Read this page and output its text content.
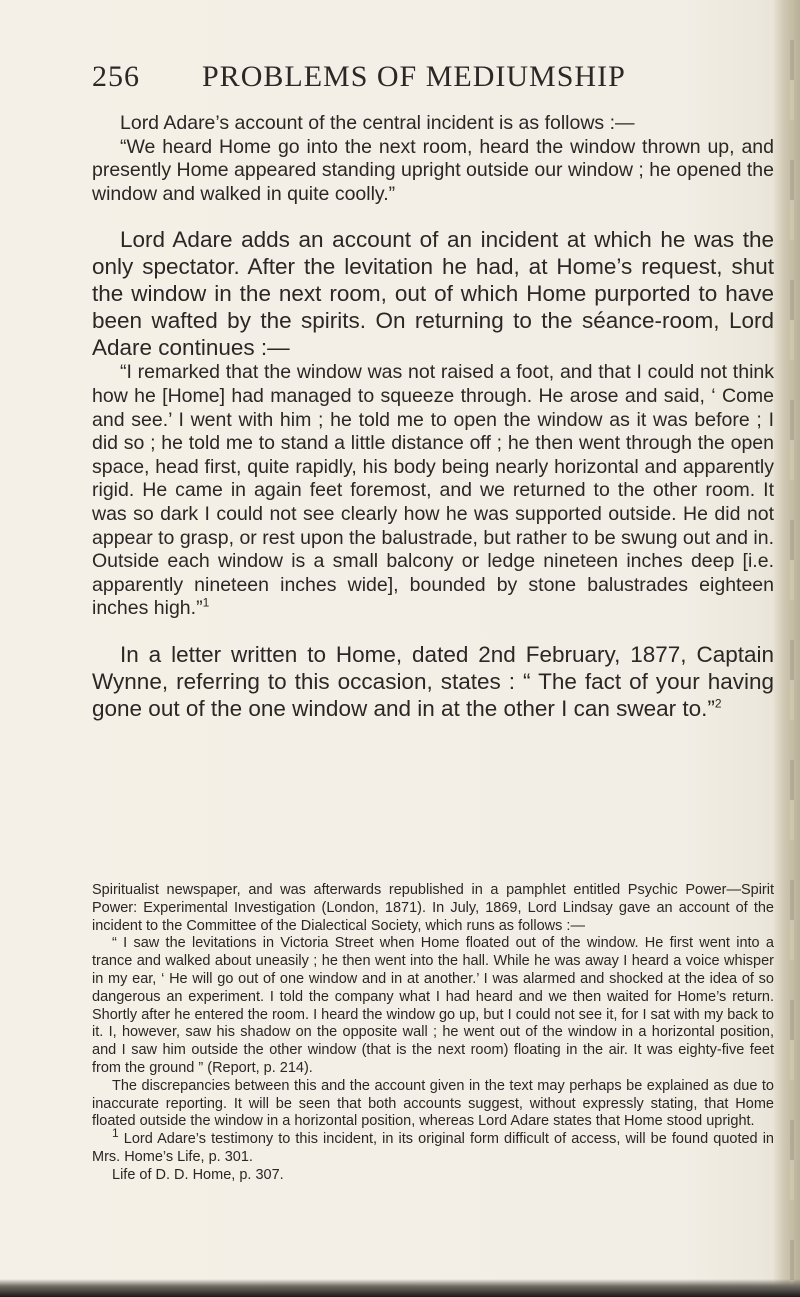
256 PROBLEMS OF MEDIUMSHIP

Lord Adare’s account of the central incident is as follows :—

“We heard Home go into the next room, heard the window thrown up, and presently Home appeared standing upright outside our window ; he opened the window and walked in quite coolly.”

Lord Adare adds an account of an incident at which he was the only spectator. After the levitation he had, at Home’s request, shut the window in the next room, out of which Home purported to have been wafted by the spirits. On returning to the séance-room, Lord Adare continues :—

“I remarked that the window was not raised a foot, and that I could not think how he [Home] had managed to squeeze through. He arose and said, ‘ Come and see.’ I went with him ; he told me to open the window as it was before ; I did so ; he told me to stand a little distance off ; he then went through the open space, head first, quite rapidly, his body being nearly horizontal and apparently rigid. He came in again feet foremost, and we returned to the other room. It was so dark I could not see clearly how he was supported outside. He did not appear to grasp, or rest upon the balustrade, but rather to be swung out and in. Outside each window is a small balcony or ledge nineteen inches deep [i.e. apparently nineteen inches wide], bounded by stone balustrades eighteen inches high.”$^1$

In a letter written to Home, dated 2nd February, 1877, Captain Wynne, referring to this occasion, states : “ The fact of your having gone out of the one window and in at the other I can swear to.”$^2$

Spiritualist newspaper, and was afterwards republished in a pamphlet entitled Psychic Power—Spirit Power: Experimental Investigation (London, 1871). In July, 1869, Lord Lindsay gave an account of the incident to the Committee of the Dialectical Society, which runs as follows :—

“ I saw the levitations in Victoria Street when Home floated out of the window. He first went into a trance and walked about uneasily ; he then went into the hall. While he was away I heard a voice whisper in my ear, ‘ He will go out of one window and in at another.’ I was alarmed and shocked at the idea of so dangerous an experiment. I told the company what I had heard and we then waited for Home’s return. Shortly after he entered the room. I heard the window go up, but I could not see it, for I sat with my back to it. I, however, saw his shadow on the opposite wall ; he went out of the window in a horizontal position, and I saw him outside the other window (that is the next room) floating in the air. It was eighty-five feet from the ground ” (Report, p. 214).

The discrepancies between this and the account given in the text may perhaps be explained as due to inaccurate reporting. It will be seen that both accounts suggest, without expressly stating, that Home floated outside the window in a horizontal position, whereas Lord Adare states that Home stood upright.

$^1$ Lord Adare’s testimony to this incident, in its original form difficult of access, will be found quoted in Mrs. Home’s Life, p. 301.

Life of D. D. Home, p. 307.
